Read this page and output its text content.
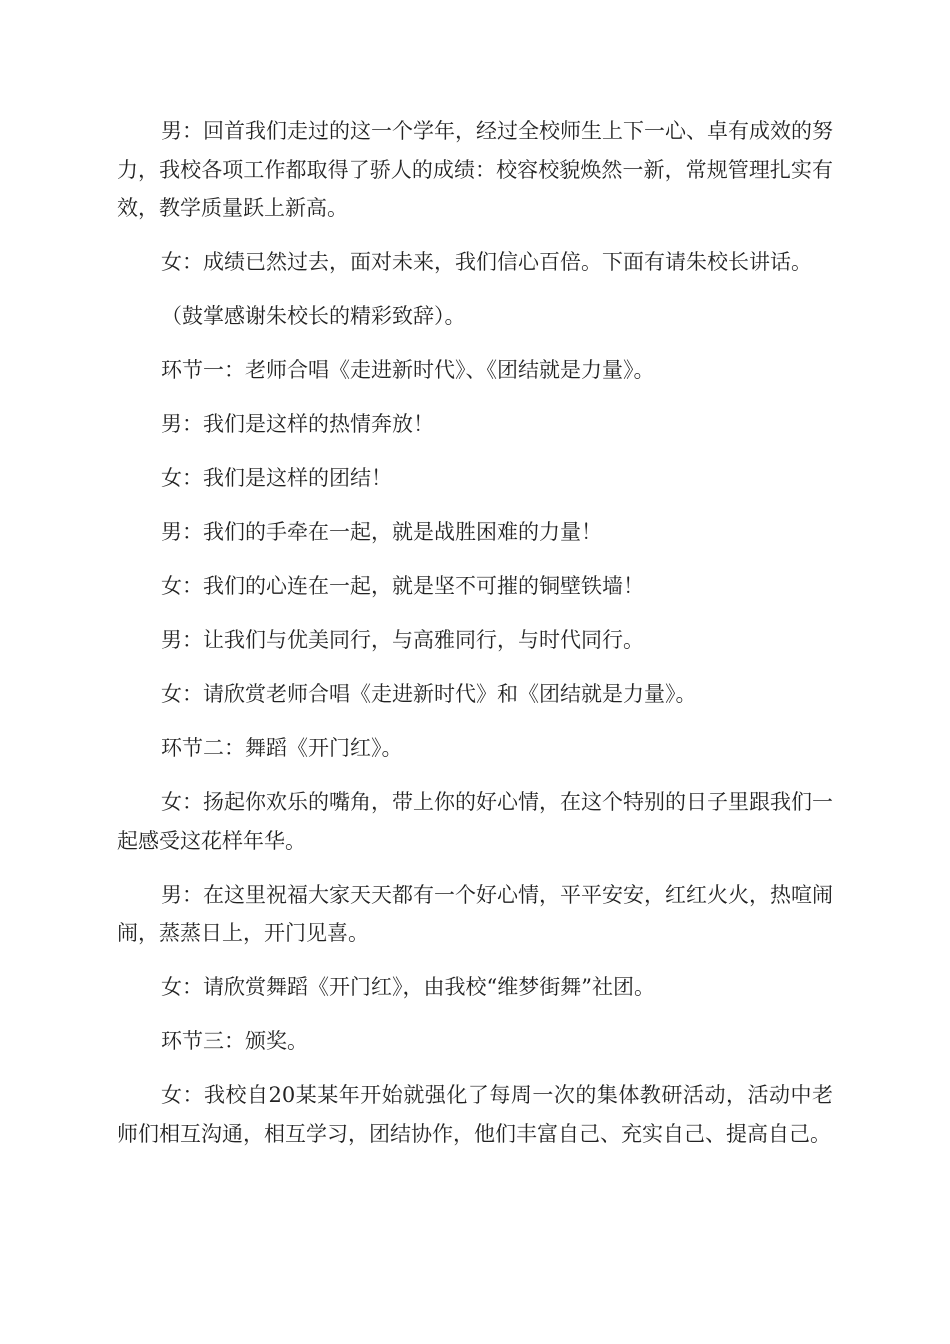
男：回首我们走过的这一个学年，经过全校师生上下一心、卓有成效的努力，我校各项工作都取得了骄人的成绩：校容校貌焕然一新，常规管理扎实有效，教学质量跃上新高。

女：成绩已然过去，面对未来，我们信心百倍。下面有请朱校长讲话。

（鼓掌感谢朱校长的精彩致辞）。

环节一：老师合唱《走进新时代》、《团结就是力量》。

男：我们是这样的热情奔放！

女：我们是这样的团结！

男：我们的手牵在一起，就是战胜困难的力量！

女：我们的心连在一起，就是坚不可摧的铜壁铁墙！

男：让我们与优美同行，与高雅同行，与时代同行。

女：请欣赏老师合唱《走进新时代》和《团结就是力量》。

环节二：舞蹈《开门红》。

女：扬起你欢乐的嘴角，带上你的好心情，在这个特别的日子里跟我们一起感受这花样年华。

男：在这里祝福大家天天都有一个好心情，平平安安，红红火火，热喧闹闹，蒸蒸日上，开门见喜。

女：请欣赏舞蹈《开门红》，由我校“维梦街舞”社团。

环节三：颁奖。

女：我校自20某某年开始就强化了每周一次的集体教研活动，活动中老师们相互沟通，相互学习，团结协作，他们丰富自己、充实自己、提高自己。
